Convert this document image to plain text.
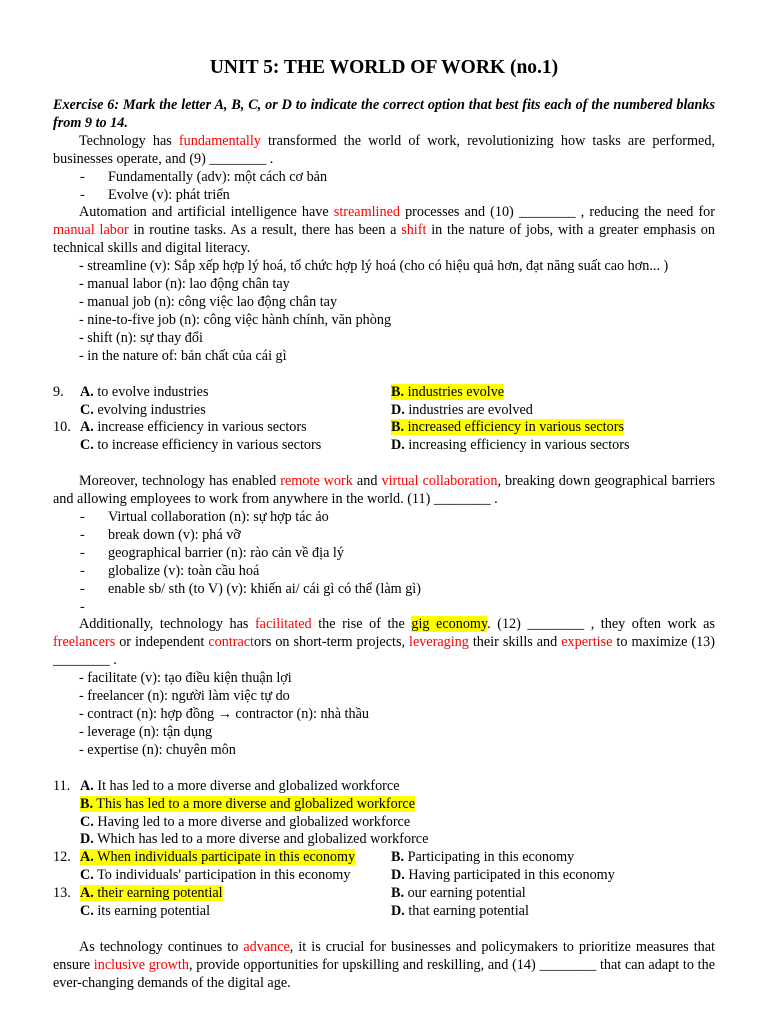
UNIT 5: THE WORLD OF WORK (no.1)
Exercise 6: Mark the letter A, B, C, or D to indicate the correct option that best fits each of the numbered blanks from 9 to 14.
Technology has fundamentally transformed the world of work, revolutionizing how tasks are performed, businesses operate, and (9) ________ .
-	Fundamentally (adv): một cách cơ bản
-	Evolve (v): phát triển
Automation and artificial intelligence have streamlined processes and (10) ________ , reducing the need for manual labor in routine tasks. As a result, there has been a shift in the nature of jobs, with a greater emphasis on technical skills and digital literacy.
- streamline (v): Sắp xếp hợp lý hoá, tổ chức hợp lý hoá (cho có hiệu quả hơn, đạt năng suất cao hơn... )
- manual labor (n): lao động chân tay
- manual job (n): công việc lao động chân tay
- nine-to-five job (n): công việc hành chính, văn phòng
- shift (n): sự thay đổi
- in the nature of: bản chất của cái gì
9.	A. to evolve industries	B. industries evolve
C. evolving industries	D. industries are evolved
10. A. increase efficiency in various sectors	B. increased efficiency in various sectors
C. to increase efficiency in various sectors	D. increasing efficiency in various sectors
Moreover, technology has enabled remote work and virtual collaboration, breaking down geographical barriers and allowing employees to work from anywhere in the world. (11) ________ .
-	Virtual collaboration (n): sự hợp tác ảo
-	break down (v): phá vỡ
-	geographical barrier (n): rào cản về địa lý
-	globalize (v): toàn cầu hoá
-	enable sb/ sth (to V) (v): khiến ai/ cái gì có thể (làm gì)
-
Additionally, technology has facilitated the rise of the gig economy. (12) ________ , they often work as freelancers or independent contractors on short-term projects, leveraging their skills and expertise to maximize (13) ________ .
- facilitate (v): tạo điều kiện thuận lợi
- freelancer (n): người làm việc tự do
- contract (n): hợp đồng → contractor (n): nhà thầu
- leverage (n): tận dụng
- expertise (n): chuyên môn
11. A. It has led to a more diverse and globalized workforce
B. This has led to a more diverse and globalized workforce
C. Having led to a more diverse and globalized workforce
D. Which has led to a more diverse and globalized workforce
12. A. When individuals participate in this economy	B. Participating in this economy
C. To individuals' participation in this economy	D. Having participated in this economy
13. A. their earning potential	B. our earning potential
C. its earning potential	D. that earning potential
As technology continues to advance, it is crucial for businesses and policymakers to prioritize measures that ensure inclusive growth, provide opportunities for upskilling and reskilling, and (14) ________ that can adapt to the ever-changing demands of the digital age.
